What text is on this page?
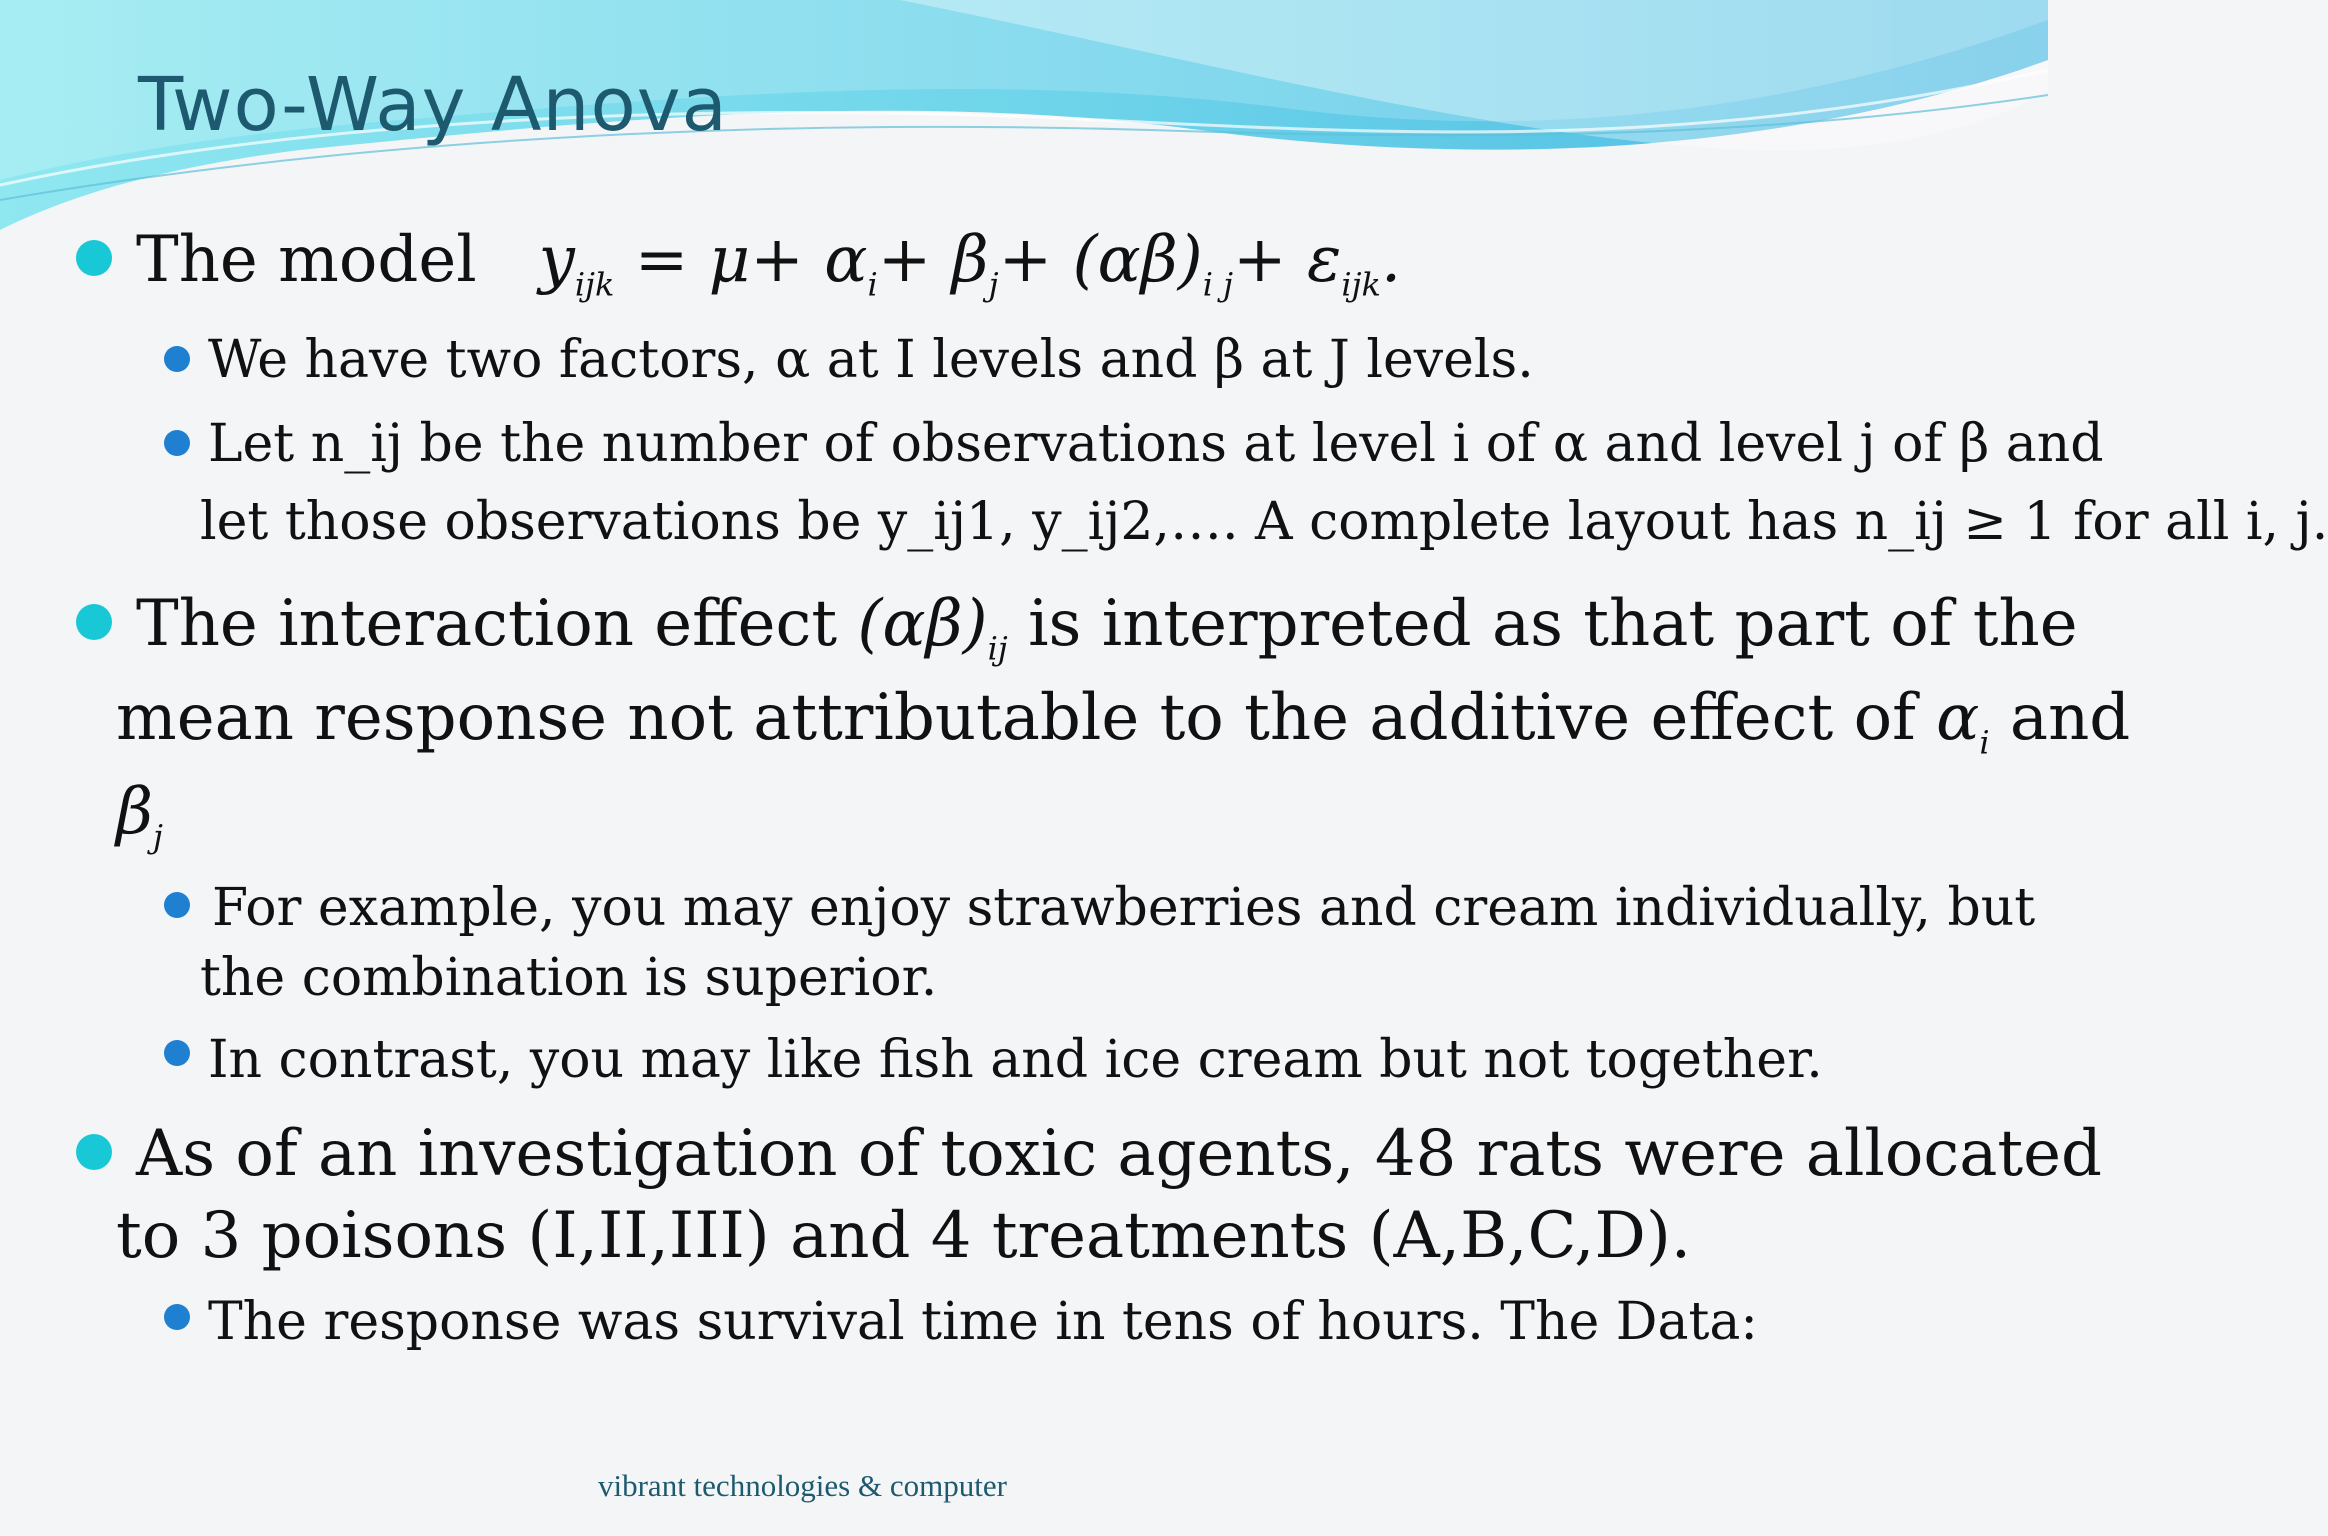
Two-Way Anova
The model $y_{ijk} = \mu+ \alpha_i+ \beta_j+ (\alpha\beta)_{i j}+ \varepsilon_{ijk}$.
We have two factors, α at I levels and β at J levels.
Let n_ij be the number of observations at level i of α and level j of β and
let those observations be y_ij1, y_ij2,…. A complete layout has n_ij ≥ 1 for all i, j.
The interaction effect $(\alpha\beta)_{ij}$ is interpreted as that part of the
mean response not attributable to the additive effect of $\alpha_i$ and
$\beta_j$
For example, you may enjoy strawberries and cream individually, but
the combination is superior.
In contrast, you may like fish and ice cream but not together.
As of an investigation of toxic agents, 48 rats were allocated
to 3 poisons (I,II,III) and 4 treatments (A,B,C,D).
The response was survival time in tens of hours. The Data:
vibrant technologies & computer
